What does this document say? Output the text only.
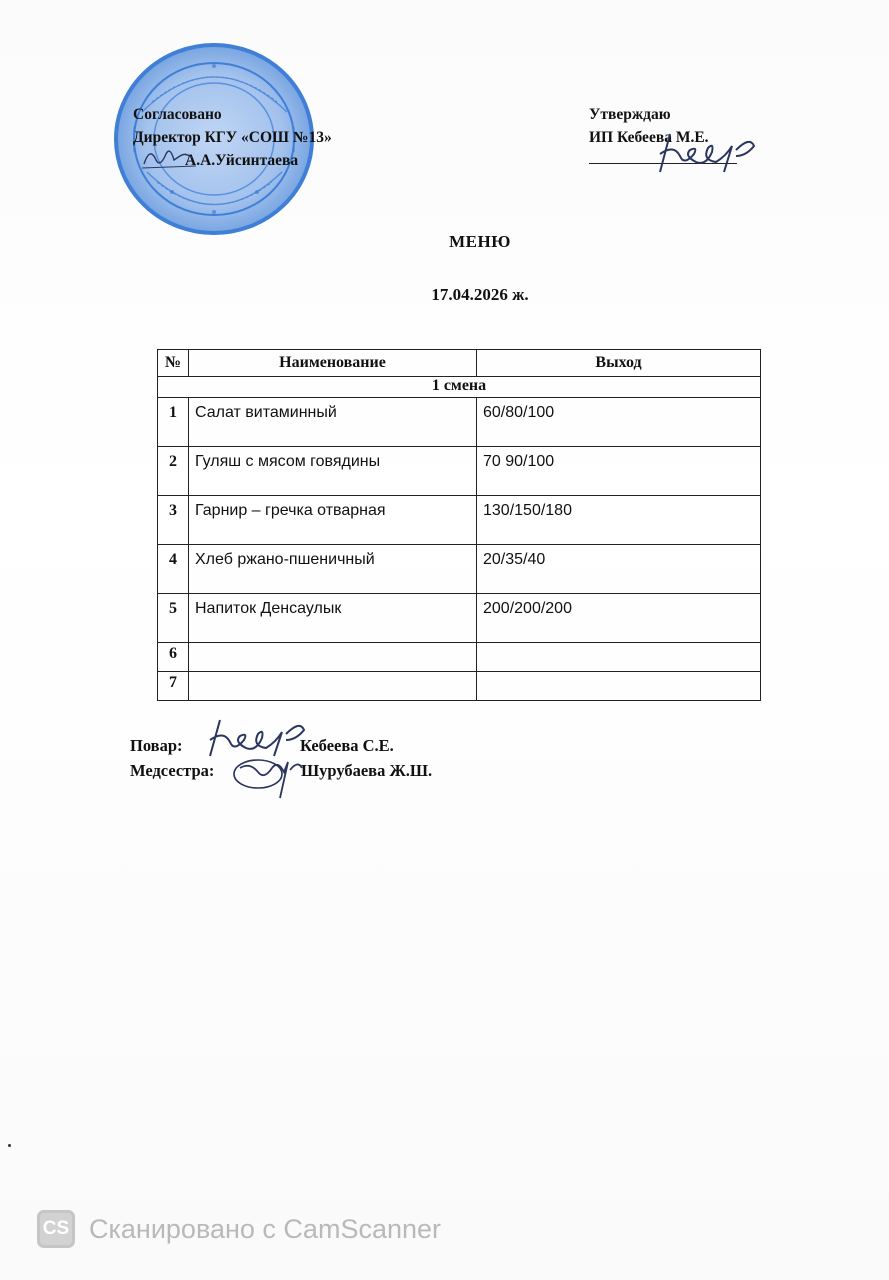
Согласовано
Директор КГУ «СОШ №13»
А.А.Уйсинтаева
Утверждаю
ИП Кебеева М.Е.
МЕНЮ
17.04.2026 ж.
№	Наименование	Выход
1 смена		
1	Салат витаминный	60/80/100
2	Гуляш с мясом говядины	70 90/100
3	Гарнир – гречка отварная	130/150/180
4	Хлеб ржано-пшеничный	20/35/40
5	Напиток Денсаулык	200/200/200
6		
7		
Повар:	Кебеева С.Е.
Медсестра:	Шурубаева Ж.Ш.
CS Сканировано с CamScanner
